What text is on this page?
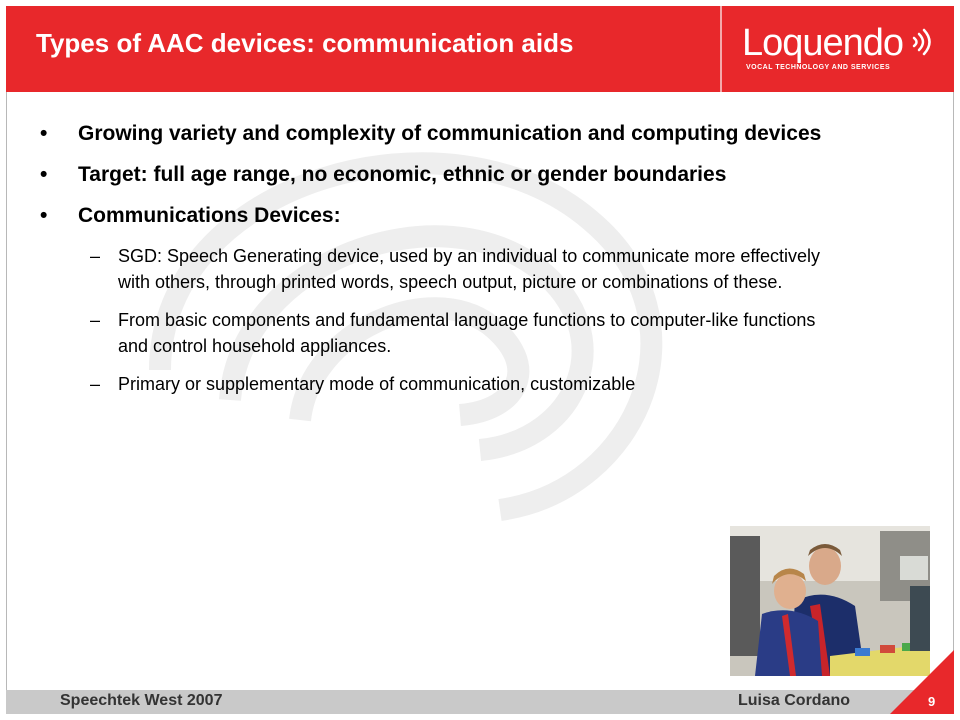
Types of AAC devices: communication aids	Loquendo
VOCAL TECHNOLOGY AND SERVICES
• Growing variety and complexity of communication and computing devices
• Target: full age range, no economic, ethnic or gender boundaries
• Communications Devices:
– SGD: Speech Generating device, used by an individual to communicate more effectively with others, through printed words, speech output, picture or combinations of these.
– From basic components and fundamental language functions to computer-like functions and control household appliances.
– Primary or supplementary mode of communication, customizable
Speechtek West 2007	Luisa Cordano	9
